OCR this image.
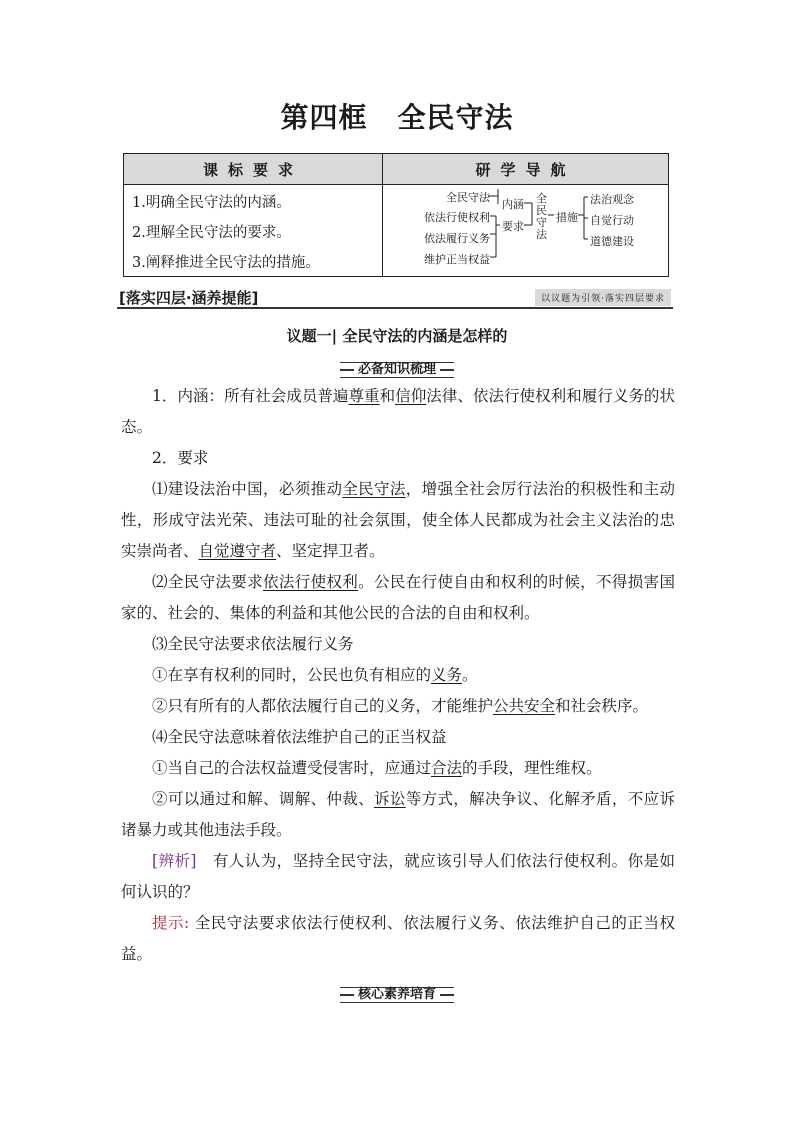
第四框 全民守法
课标要求	研学导航
1.明确全民守法的内涵。
2.理解全民守法的要求。
3.阐释推进全民守法的措施。
全民守法
依法行使权利
依法履行义务
维护正当权益
内涵
要求
全民守法
措施
法治观念
自觉行动
道德建设
[落实四层·涵养提能]	以议题为引领·落实四层要求
议题一| 全民守法的内涵是怎样的
必备知识梳理

1．内涵：所有社会成员普遍尊重和信仰法律、依法行使权利和履行义务的状态。

2．要求

⑴建设法治中国，必须推动全民守法，增强全社会厉行法治的积极性和主动性，形成守法光荣、违法可耻的社会氛围，使全体人民都成为社会主义法治的忠实崇尚者、自觉遵守者、坚定捍卫者。

⑵全民守法要求依法行使权利。公民在行使自由和权利的时候，不得损害国家的、社会的、集体的利益和其他公民的合法的自由和权利。

⑶全民守法要求依法履行义务

①在享有权利的同时，公民也负有相应的义务。

②只有所有的人都依法履行自己的义务，才能维护公共安全和社会秩序。

⑷全民守法意味着依法维护自己的正当权益

①当自己的合法权益遭受侵害时，应通过合法的手段，理性维权。

②可以通过和解、调解、仲裁、诉讼等方式，解决争议、化解矛盾，不应诉诸暴力或其他违法手段。

[辨析]　有人认为，坚持全民守法，就应该引导人们依法行使权利。你是如何认识的？

提示: 全民守法要求依法行使权利、依法履行义务、依法维护自己的正当权益。

核心素养培育
